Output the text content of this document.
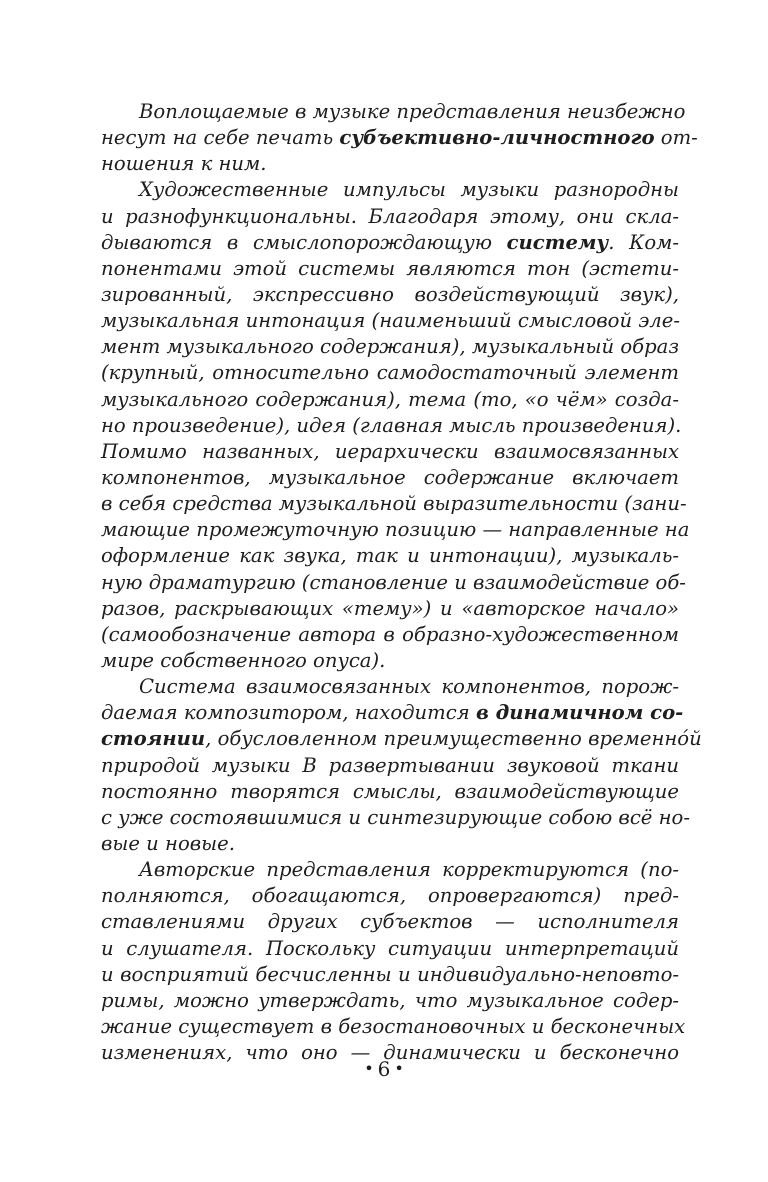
Воплощаемые в музыке представления неизбежно
несут на себе печать субъективно-личностного от-
ношения к ним.
Художественные импульсы музыки разнородны
и разнофункциональны. Благодаря этому, они скла-
дываются в смыслопорождающую систему. Ком-
понентами этой системы являются тон (эстети-
зированный, экспрессивно воздействующий звук),
музыкальная интонация (наименьший смысловой эле-
мент музыкального содержания), музыкальный образ
(крупный, относительно самодостаточный элемент
музыкального содержания), тема (то, «о чём» созда-
но произведение), идея (главная мысль произведения).
Помимо названных, иерархически взаимосвязанных
компонентов, музыкальное содержание включает
в себя средства музыкальной выразительности (зани-
мающие промежуточную позицию — направленные на
оформление как звука, так и интонации), музыкаль-
ную драматургию (становление и взаимодействие об-
разов, раскрывающих «тему») и «авторское начало»
(самообозначение автора в образно-художественном
мире собственного опуса).
Система взаимосвязанных компонентов, порож-
даемая композитором, находится в динамичном со-
стоянии, обусловленном преимущественно временнóй
природой музыки В развертывании звуковой ткани
постоянно творятся смыслы, взаимодействующие
с уже состоявшимися и синтезирующие собою всё но-
вые и новые.
Авторские представления корректируются (по-
полняются, обогащаются, опровергаются) пред-
ставлениями других субъектов — исполнителя
и слушателя. Поскольку ситуации интерпретаций
и восприятий бесчисленны и индивидуально-неповто-
римы, можно утверждать, что музыкальное содер-
жание существует в безостановочных и бесконечных
изменениях, что оно — динамически и бесконечно
• 6 •
